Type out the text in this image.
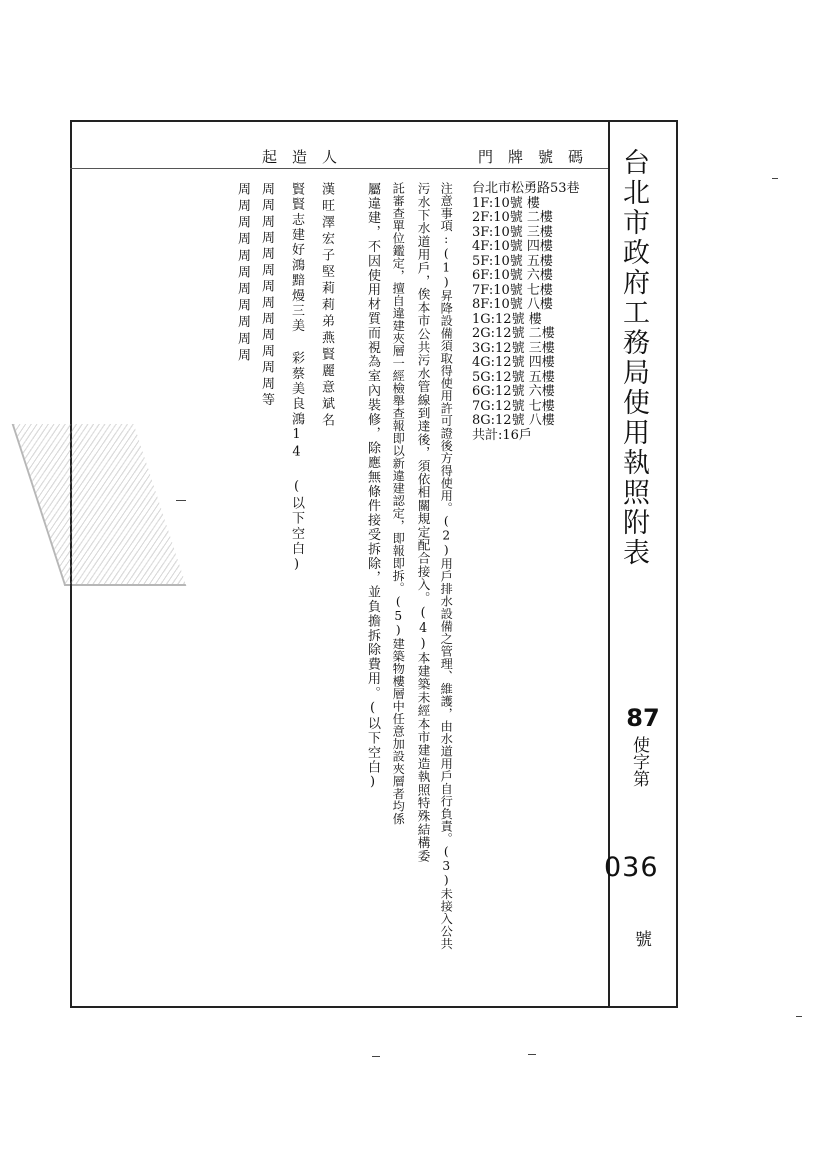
台北市政府工務局使用執照附表
87
使字第
036
號
門牌號碼
起造人
台北市松勇路53巷
1F:10號 樓
2F:10號 二樓
3F:10號 三樓
4F:10號 四樓
5F:10號 五樓
6F:10號 六樓
7F:10號 七樓
8F:10號 八樓
1G:12號 樓
2G:12號 二樓
3G:12號 三樓
4G:12號 四樓
5G:12號 五樓
6G:12號 六樓
7G:12號 七樓
8G:12號 八樓
共計:16戶
注意事項:(1)昇降設備須取得使用許可證後方得使用。(2)用戶排水設備之管理、維護，由水道用戶自行負責。(3)未接入公共
污水下水道用戶，俟本市公共污水管線到達後，須依相關規定配合接入。(4)本建築未經本市建造執照特殊結構委
託審查單位鑑定，擅自違建夾層一經檢舉查報即以新違建認定，即報即拆。(5)建築物樓層中任意加設夾層者均係
屬違建，不因使用材質而視為室內裝修，除應無條件接受拆除，並負擔拆除費用。(以下空白)
漢旺澤宏子堅莉莉弟燕賢麗意斌名
賢賢志建好鴻黯熳三美 彩蔡美良鴻14 (以下空白)
周周周周周周周周周周周周周等
周周周周周周周周周周周
